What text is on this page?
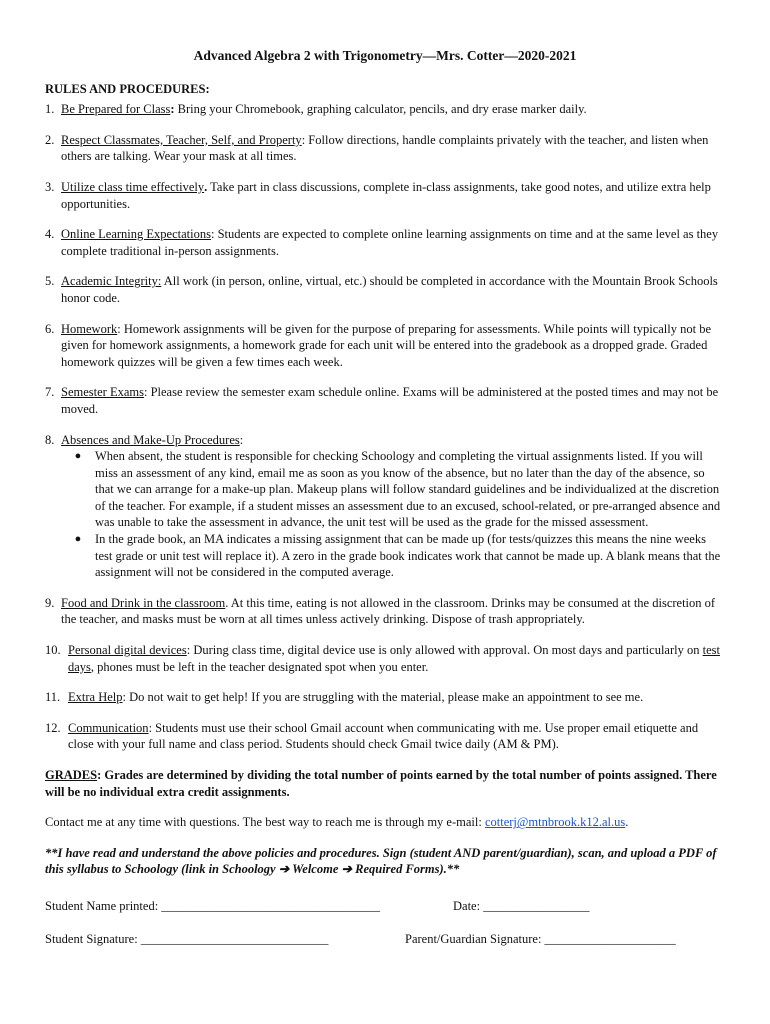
Advanced Algebra 2 with Trigonometry—Mrs. Cotter—2020-2021
RULES AND PROCEDURES:
1. Be Prepared for Class: Bring your Chromebook, graphing calculator, pencils, and dry erase marker daily.
2. Respect Classmates, Teacher, Self, and Property: Follow directions, handle complaints privately with the teacher, and listen when others are talking. Wear your mask at all times.
3. Utilize class time effectively. Take part in class discussions, complete in-class assignments, take good notes, and utilize extra help opportunities.
4. Online Learning Expectations: Students are expected to complete online learning assignments on time and at the same level as they complete traditional in-person assignments.
5. Academic Integrity: All work (in person, online, virtual, etc.) should be completed in accordance with the Mountain Brook Schools honor code.
6. Homework: Homework assignments will be given for the purpose of preparing for assessments. While points will typically not be given for homework assignments, a homework grade for each unit will be entered into the gradebook as a dropped grade. Graded homework quizzes will be given a few times each week.
7. Semester Exams: Please review the semester exam schedule online. Exams will be administered at the posted times and may not be moved.
8. Absences and Make-Up Procedures:
●	When absent, the student is responsible for checking Schoology and completing the virtual assignments listed. If you will miss an assessment of any kind, email me as soon as you know of the absence, but no later than the day of the absence, so that we can arrange for a make-up plan. Makeup plans will follow standard guidelines and be individualized at the discretion of the teacher. For example, if a student misses an assessment due to an excused, school-related, or pre-arranged absence and was unable to take the assessment in advance, the unit test will be used as the grade for the missed assessment.
●	In the grade book, an MA indicates a missing assignment that can be made up (for tests/quizzes this means the nine weeks test grade or unit test will replace it). A zero in the grade book indicates work that cannot be made up. A blank means that the assignment will not be considered in the computed average.
9. Food and Drink in the classroom. At this time, eating is not allowed in the classroom. Drinks may be consumed at the discretion of the teacher, and masks must be worn at all times unless actively drinking. Dispose of trash appropriately.
10. Personal digital devices: During class time, digital device use is only allowed with approval. On most days and particularly on test days, phones must be left in the teacher designated spot when you enter.
11. Extra Help: Do not wait to get help! If you are struggling with the material, please make an appointment to see me.
12. Communication: Students must use their school Gmail account when communicating with me. Use proper email etiquette and close with your full name and class period. Students should check Gmail twice daily (AM & PM).
GRADES: Grades are determined by dividing the total number of points earned by the total number of points assigned. There will be no individual extra credit assignments.
Contact me at any time with questions. The best way to reach me is through my e-mail: cotterj@mtnbrook.k12.al.us.
**I have read and understand the above policies and procedures. Sign (student AND parent/guardian), scan, and upload a PDF of this syllabus to Schoology (link in Schoology ➔ Welcome ➔ Required Forms).**
Student Name printed: ___________________________________	Date: _________________
Student Signature: ______________________________	Parent/Guardian Signature: _____________________
